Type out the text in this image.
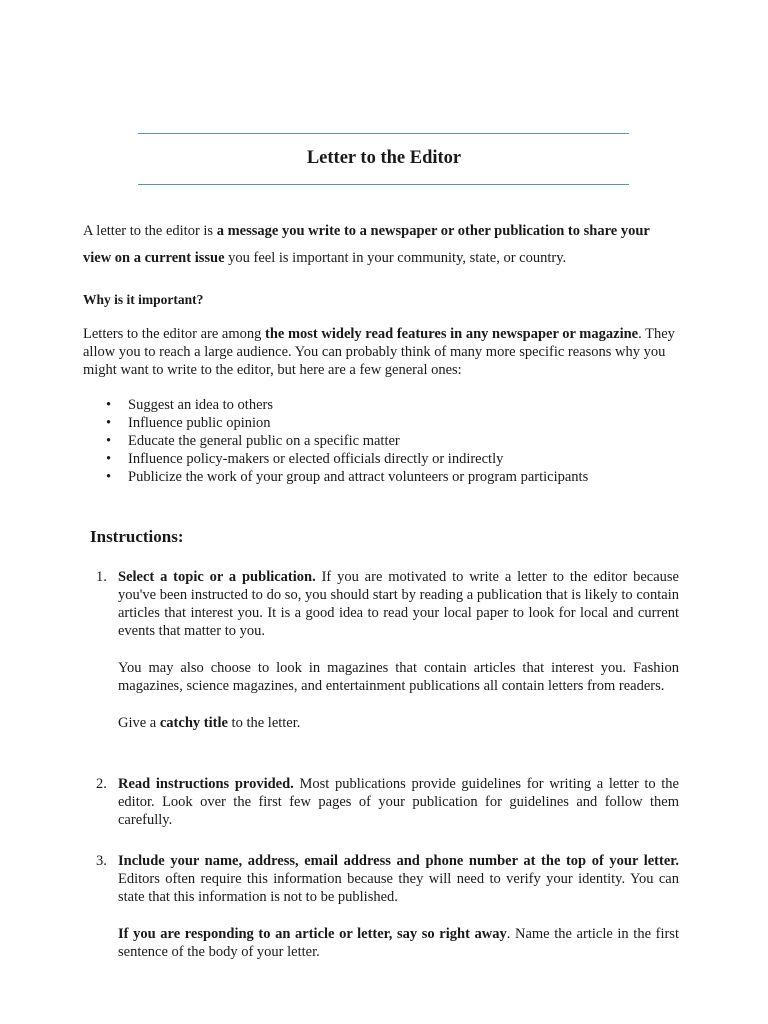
Letter to the Editor

A letter to the editor is a message you write to a newspaper or other publication to share your view on a current issue you feel is important in your community, state, or country.

Why is it important?

Letters to the editor are among the most widely read features in any newspaper or magazine. They allow you to reach a large audience. You can probably think of many more specific reasons why you might want to write to the editor, but here are a few general ones:

• Suggest an idea to others
• Influence public opinion
• Educate the general public on a specific matter
• Influence policy-makers or elected officials directly or indirectly
• Publicize the work of your group and attract volunteers or program participants
Instructions:
1. Select a topic or a publication. If you are motivated to write a letter to the editor because you've been instructed to do so, you should start by reading a publication that is likely to contain articles that interest you. It is a good idea to read your local paper to look for local and current events that matter to you.

You may also choose to look in magazines that contain articles that interest you. Fashion magazines, science magazines, and entertainment publications all contain letters from readers.

Give a catchy title to the letter.

2. Read instructions provided. Most publications provide guidelines for writing a letter to the editor. Look over the first few pages of your publication for guidelines and follow them carefully.

3. Include your name, address, email address and phone number at the top of your letter. Editors often require this information because they will need to verify your identity. You can state that this information is not to be published.

If you are responding to an article or letter, say so right away. Name the article in the first sentence of the body of your letter.
